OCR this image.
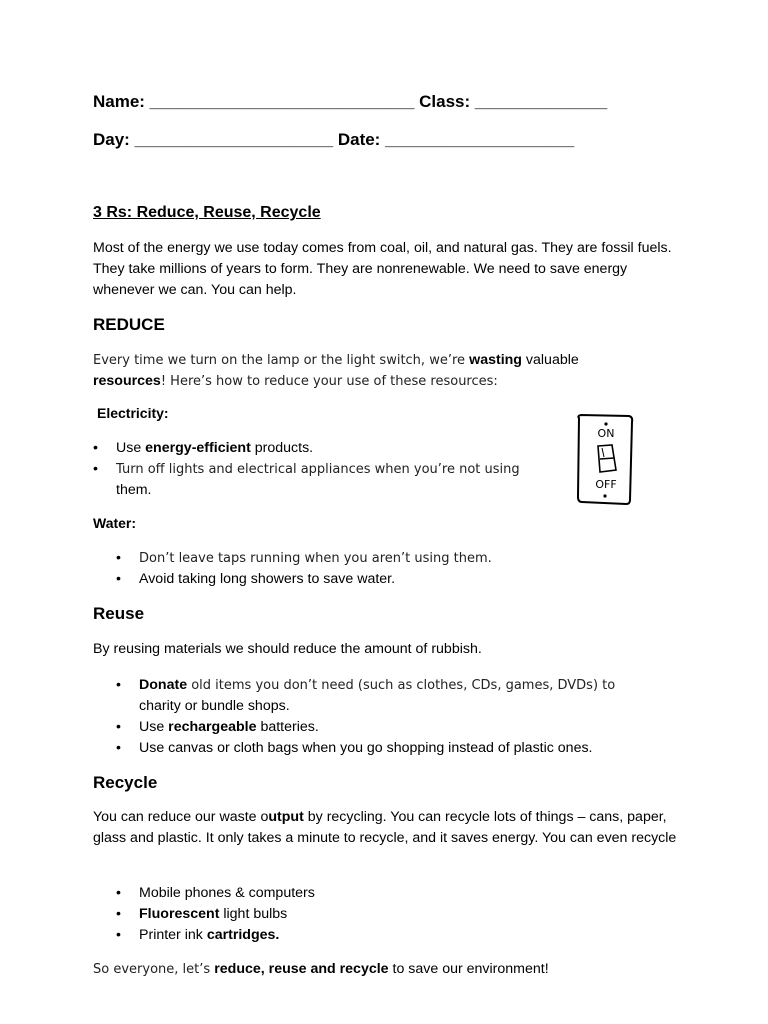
Name: ____________________________ Class: ______________
Day: _____________________ Date: ____________________
3 Rs: Reduce, Reuse, Recycle
Most of the energy we use today comes from coal, oil, and natural gas. They are fossil fuels. They take millions of years to form. They are nonrenewable. We need to save energy whenever we can. You can help.
REDUCE
Every time we turn on the lamp or the light switch, we’re wasting valuable
resources! Here’s how to reduce your use of these resources:
Electricity:
• Use energy-efficient products.
• Turn off lights and electrical appliances when you’re not using
them.
ON
OFF
Water:
• Don’t leave taps running when you aren’t using them.
• Avoid taking long showers to save water.
Reuse
By reusing materials we should reduce the amount of rubbish.
• Donate old items you don’t need (such as clothes, CDs, games, DVDs) to
charity or bundle shops.
• Use rechargeable batteries.
• Use canvas or cloth bags when you go shopping instead of plastic ones.
Recycle
You can reduce our waste output by recycling. You can recycle lots of things – cans, paper, glass and plastic. It only takes a minute to recycle, and it saves energy. You can even recycle
• Mobile phones & computers
• Fluorescent light bulbs
• Printer ink cartridges.
So everyone, let’s reduce, reuse and recycle to save our environment!
